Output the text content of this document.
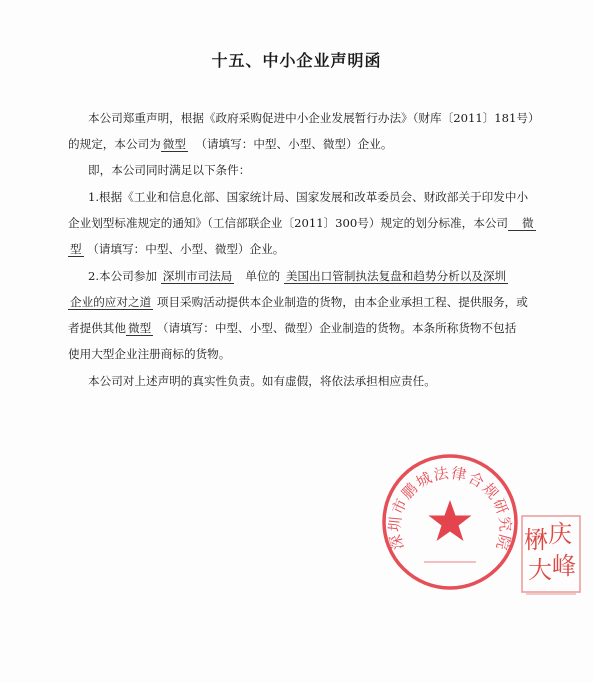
十五、中小企业声明函
本公司郑重声明，根据《政府采购促进中小企业发展暂行办法》（财库〔2011〕181号）
的规定，本公司为 微型 （请填写：中型、小型、微型）企业。
即，本公司同时满足以下条件：
1.根据《工业和信息化部、国家统计局、国家发展和改革委员会、财政部关于印发中小
企业划型标准规定的通知》（工信部联企业〔2011〕300号）规定的划分标准，本公司 微
型 （请填写：中型、小型、微型）企业。
2.本公司参加 深圳市司法局 单位的 美国出口管制执法复盘和趋势分析以及深圳
企业的应对之道 项目采购活动提供本企业制造的货物，由本企业承担工程、提供服务，或
者提供其他 微型 （请填写：中型、小型、微型）企业制造的货物。本条所称货物不包括
使用大型企业注册商标的货物。
本公司对上述声明的真实性负责。如有虚假，将依法承担相应责任。
深圳市鹏城法律合规研究院 楙庆 大峰
